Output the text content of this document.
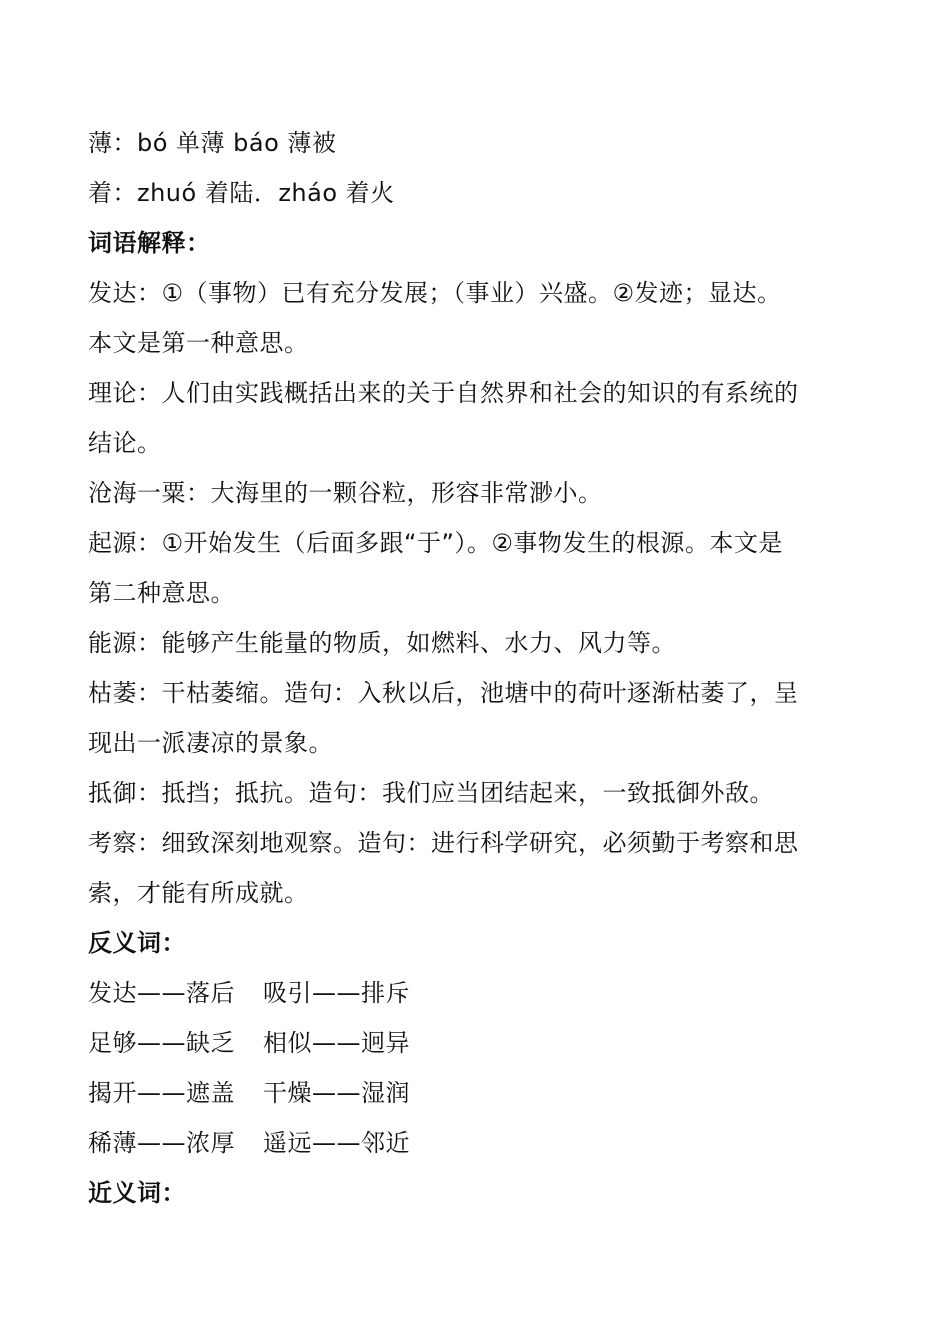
薄：bó 单薄 báo 薄被
着：zhuó 着陆．zháo 着火
词语解释：
发达：①（事物）已有充分发展；（事业）兴盛。②发迹；显达。
本文是第一种意思。
理论：人们由实践概括出来的关于自然界和社会的知识的有系统的
结论。
沧海一粟：大海里的一颗谷粒，形容非常渺小。
起源：①开始发生（后面多跟“于”）。②事物发生的根源。本文是
第二种意思。
能源：能够产生能量的物质，如燃料、水力、风力等。
枯萎：干枯萎缩。造句：入秋以后，池塘中的荷叶逐渐枯萎了，呈
现出一派凄凉的景象。
抵御：抵挡；抵抗。造句：我们应当团结起来，一致抵御外敌。
考察：细致深刻地观察。造句：进行科学研究，必须勤于考察和思
索，才能有所成就。
反义词：
发达——落后 吸引——排斥
足够——缺乏 相似——迥异
揭开——遮盖 干燥——湿润
稀薄——浓厚 遥远——邻近
近义词：
